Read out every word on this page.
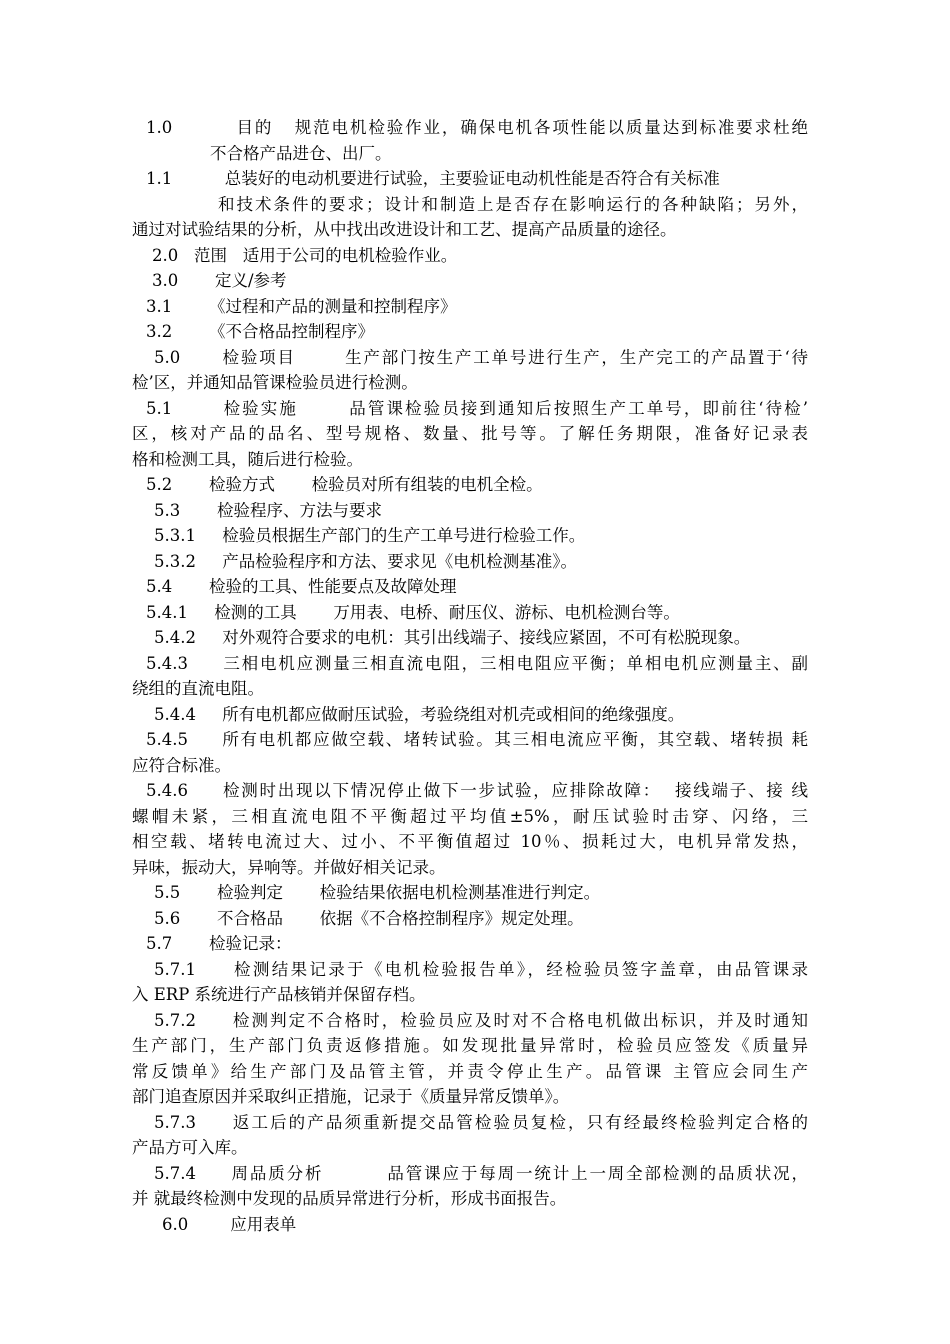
1.0         目的   规范电机检验作业，确保电机各项性能以质量达到标准要求杜绝
不合格产品进仓、出厂。
1.1          总装好的电动机要进行试验，主要验证电动机性能是否符合有关标准
和技术条件的要求；设计和制造上是否存在影响运行的各种缺陷；另外，
通过对试验结果的分析，从中找出改进设计和工艺、提高产品质量的途径。
2.0   范围   适用于公司的电机检验作业。
3.0       定义/参考
3.1       《过程和产品的测量和控制程序》
3.2       《不合格品控制程序》
5.0      检验项目       生产部门按生产工单号进行生产，生产完工的产品置于‘待
检’区，并通知品管课检验员进行检测。
5.1       检验实施       品管课检验员接到通知后按照生产工单号，即前往‘待检’
区，核对产品的品名、型号规格、数量、批号等。了解任务期限，准备好记录表
格和检测工具，随后进行检验。
5.2       检验方式       检验员对所有组装的电机全检。
5.3       检验程序、方法与要求
5.3.1     检验员根据生产部门的生产工单号进行检验工作。
5.3.2     产品检验程序和方法、要求见《电机检测基准》。
5.4       检验的工具、性能要点及故障处理
5.4.1     检测的工具       万用表、电桥、耐压仪、游标、电机检测台等。
5.4.2     对外观符合要求的电机：其引出线端子、接线应紧固，不可有松脱现象。
5.4.3     三相电机应测量三相直流电阻，三相电阻应平衡；单相电机应测量主、副
绕组的直流电阻。
5.4.4     所有电机都应做耐压试验，考验绕组对机壳或相间的绝缘强度。
5.4.5     所有电机都应做空载、堵转试验。其三相电流应平衡，其空载、堵转损 耗
应符合标准。
5.4.6     检测时出现以下情况停止做下一步试验，应排除故障：  接线端子、接 线
螺帽未紧，三相直流电阻不平衡超过平均值±5%，耐压试验时击穿、闪络，三
相空载、堵转电流过大、过小、不平衡值超过 10％、损耗过大，电机异常发热，
异味，振动大，异响等。并做好相关记录。
5.5       检验判定       检验结果依据电机检测基准进行判定。
5.6       不合格品       依据《不合格控制程序》规定处理。
5.7       检验记录：
5.7.1     检测结果记录于《电机检验报告单》，经检验员签字盖章，由品管课录
入 ERP 系统进行产品核销并保留存档。
5.7.2     检测判定不合格时，检验员应及时对不合格电机做出标识，并及时通知
生产部门，生产部门负责返修措施。如发现批量异常时，检验员应签发《质量异
常反馈单》给生产部门及品管主管，并责令停止生产。品管课 主管应会同生产
部门追查原因并采取纠正措施，记录于《质量异常反馈单》。
5.7.3     返工后的产品须重新提交品管检验员复检，只有经最终检验判定合格的
产品方可入库。
5.7.4     周品质分析         品管课应于每周一统计上一周全部检测的品质状况，
并 就最终检测中发现的品质异常进行分析，形成书面报告。
6.0        应用表单
